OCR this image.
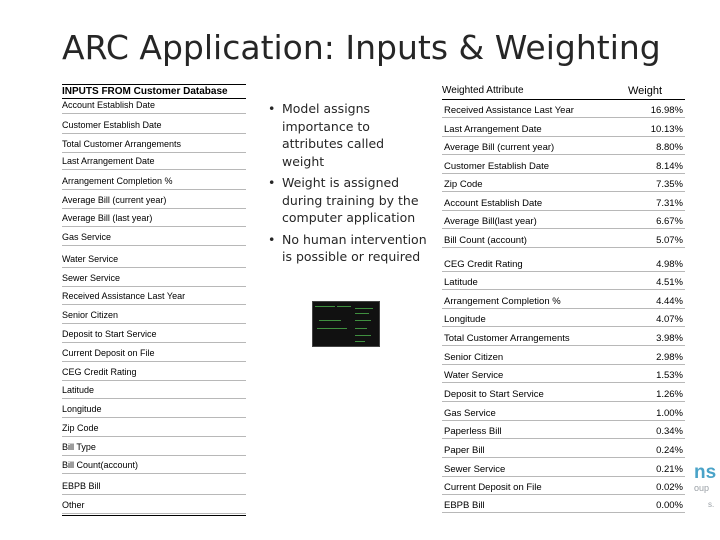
ARC Application: Inputs & Weighting
INPUTS FROM Customer Database
Account Establish Date
Customer Establish Date
Total Customer Arrangements
Last Arrangement Date
Arrangement Completion %
Average Bill (current year)
Average Bill (last year)
Gas Service
Water Service
Sewer Service
Received Assistance Last Year
Senior Citizen
Deposit to Start Service
Current Deposit on File
CEG Credit Rating
Latitude
Longitude
Zip Code
Bill Type
Bill Count(account)
EBPB Bill
Other
• Model assigns importance to attributes called weight
• Weight is assigned during training by the computer application
• No human intervention is possible or required
Weighted Attribute	Weight
Received Assistance Last Year	16.98%
Last Arrangement Date	10.13%
Average Bill (current year)	8.80%
Customer Establish Date	8.14%
Zip Code	7.35%
Account Establish Date	7.31%
Average Bill(last year)	6.67%
Bill Count (account)	5.07%
CEG Credit Rating	4.98%
Latitude	4.51%
Arrangement Completion %	4.44%
Longitude	4.07%
Total Customer Arrangements	3.98%
Senior Citizen	2.98%
Water Service	1.53%
Deposit to Start Service	1.26%
Gas Service	1.00%
Paperless Bill	0.34%
Paper Bill	0.24%
Sewer Service	0.21%
Current Deposit on File	0.02%
EBPB Bill	0.00%
ns
oup
s.
